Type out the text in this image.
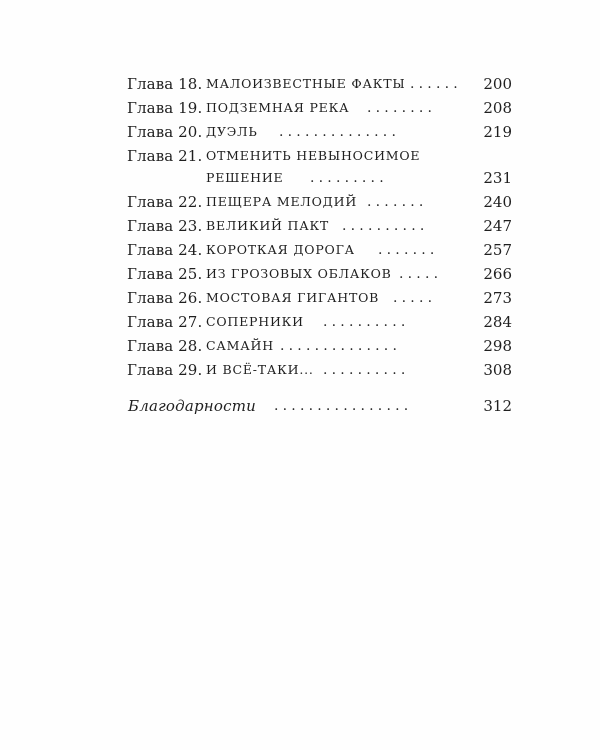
Глава 18. МАЛОИЗВЕСТНЫЕ ФАКТЫ ...... 200
Глава 19. ПОДЗЕМНАЯ РЕКА ........	208
Глава 20. ДУЭЛЬ ..............	219
Глава 21. ОТМЕНИТЬ НЕВЫНОСИМОЕ
РЕШЕНИЕ .........	231
Глава 22. ПЕЩЕРА МЕЛОДИЙ .......	240
Глава 23. ВЕЛИКИЙ ПАКТ ..........	247
Глава 24. КОРОТКАЯ ДОРОГА .......	257
Глава 25. ИЗ ГРОЗОВЫХ ОБЛАКОВ .....	266
Глава 26. МОСТОВАЯ ГИГАНТОВ .....	273
Глава 27. СОПЕРНИКИ ..........	284
Глава 28. САМАЙН ..............	298
Глава 29. И ВСЁ-ТАКИ... ..........	308
Благодарности ................	312
